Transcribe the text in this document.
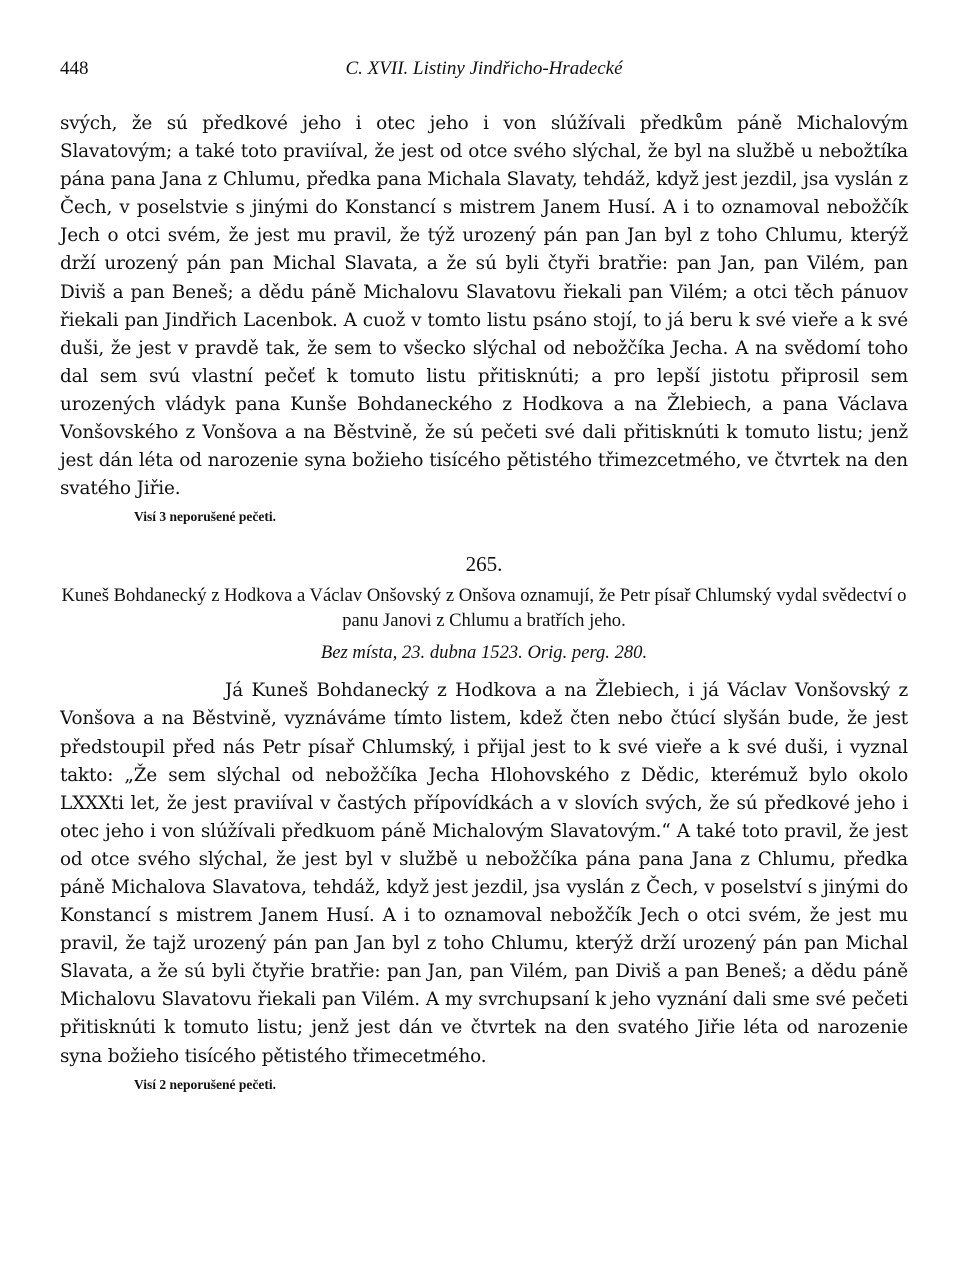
448	C. XVII. Listiny Jindřicho-Hradecké

svých, že sú předkové jeho i otec jeho i von slúžívali předkům páně Michalovým Slavatovým; a také toto praviíval, že jest od otce svého slýchal, že byl na službě u nebožtíka pána pana Jana z Chlumu, předka pana Michala Slavaty, tehdáž, když jest jezdil, jsa vyslán z Čech, v poselstvie s jinými do Konstancí s mistrem Janem Husí. A i to oznamoval nebožčík Jech o otci svém, že jest mu pravil, že týž urozený pán pan Jan byl z toho Chlumu, kterýž drží urozený pán pan Michal Slavata, a že sú byli čtyři bratřie: pan Jan, pan Vilém, pan Diviš a pan Beneš; a dědu páně Michalovu Slavatovu řiekali pan Vilém; a otci těch pánuov řiekali pan Jindřich Lacenbok. A cuož v tomto listu psáno stojí, to já beru k své vieře a k své duši, že jest v pravdě tak, že sem to všecko slýchal od nebožčíka Jecha. A na svědomí toho dal sem svú vlastní pečeť k tomuto listu přitisknúti; a pro lepší jistotu připrosil sem urozených vládyk pana Kunše Bohdaneckého z Hodkova a na Žlebiech, a pana Václava Vonšovského z Vonšova a na Běstvině, že sú pečeti své dali přitisknúti k tomuto listu; jenž jest dán léta od narozenie syna božieho tisícého pětistého třimezcetmého, ve čtvrtek na den svatého Jiřie.

Visí 3 neporušené pečeti.
265.
Kuneš Bohdanecký z Hodkova a Václav Onšovský z Onšova oznamují, že Petr písař Chlumský vydal svědectví o panu Janovi z Chlumu a bratřích jeho.
Bez místa, 23. dubna 1523. Orig. perg. 280.

Já Kuneš Bohdanecký z Hodkova a na Žlebiech, i já Václav Vonšovský z Vonšova a na Běstvině, vyznáváme tímto listem, kdež čten nebo čtúcí slyšán bude, že jest předstoupil před nás Petr písař Chlumský, i přijal jest to k své vieře a k své duši, i vyznal takto: „Že sem slýchal od nebožčíka Jecha Hlohovského z Dědic, kterémuž bylo okolo LXXXti let, že jest praviíval v častých přípovídkách a v slovích svých, že sú předkové jeho i otec jeho i von slúžívali předkuom páně Michalovým Slavatovým.“ A také toto pravil, že jest od otce svého slýchal, že jest byl v službě u nebožčíka pána pana Jana z Chlumu, předka páně Michalova Slavatova, tehdáž, když jest jezdil, jsa vyslán z Čech, v poselství s jinými do Konstancí s mistrem Janem Husí. A i to oznamoval nebožčík Jech o otci svém, že jest mu pravil, že tajž urozený pán pan Jan byl z toho Chlumu, kterýž drží urozený pán pan Michal Slavata, a že sú byli čtyřie bratřie: pan Jan, pan Vilém, pan Diviš a pan Beneš; a dědu páně Michalovu Slavatovu řiekali pan Vilém. A my svrchupsaní k jeho vyznání dali sme své pečeti přitisknúti k tomuto listu; jenž jest dán ve čtvrtek na den svatého Jiřie léta od narozenie syna božieho tisícého pětistého třimecetmého.

Visí 2 neporušené pečeti.
